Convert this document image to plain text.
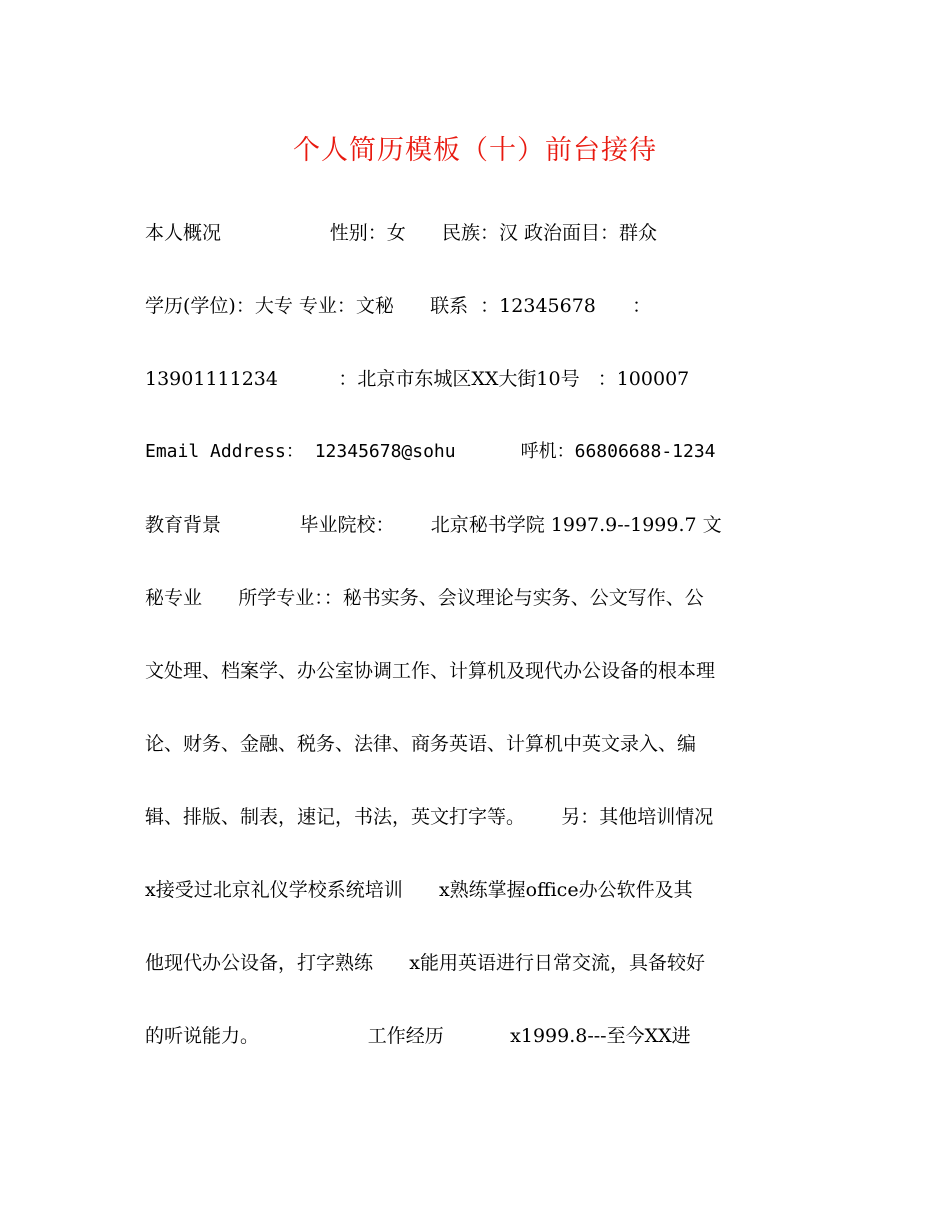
个人简历模板（十）前台接待
本人概况                  性别：女      民族：汉 政治面目：群众
学历(学位)：大专 专业：文秘      联系  ：12345678      ：
13901111234          ：北京市东城区XX大街10号   ：100007
Email Address： 12345678@sohu      呼机：66806688-1234
教育背景             毕业院校：      北京秘书学院 1997.9--1999.7 文
秘专业      所学专业：：秘书实务、会议理论与实务、公文写作、公
文处理、档案学、办公室协调工作、计算机及现代办公设备的根本理
论、财务、金融、税务、法律、商务英语、计算机中英文录入、编
辑、排版、制表，速记，书法，英文打字等。      另：其他培训情况
x接受过北京礼仪学校系统培训      x熟练掌握office办公软件及其
他现代办公设备，打字熟练      x能用英语进行日常交流，具备较好
的听说能力。                  工作经历           x1999.8---至今XX进
